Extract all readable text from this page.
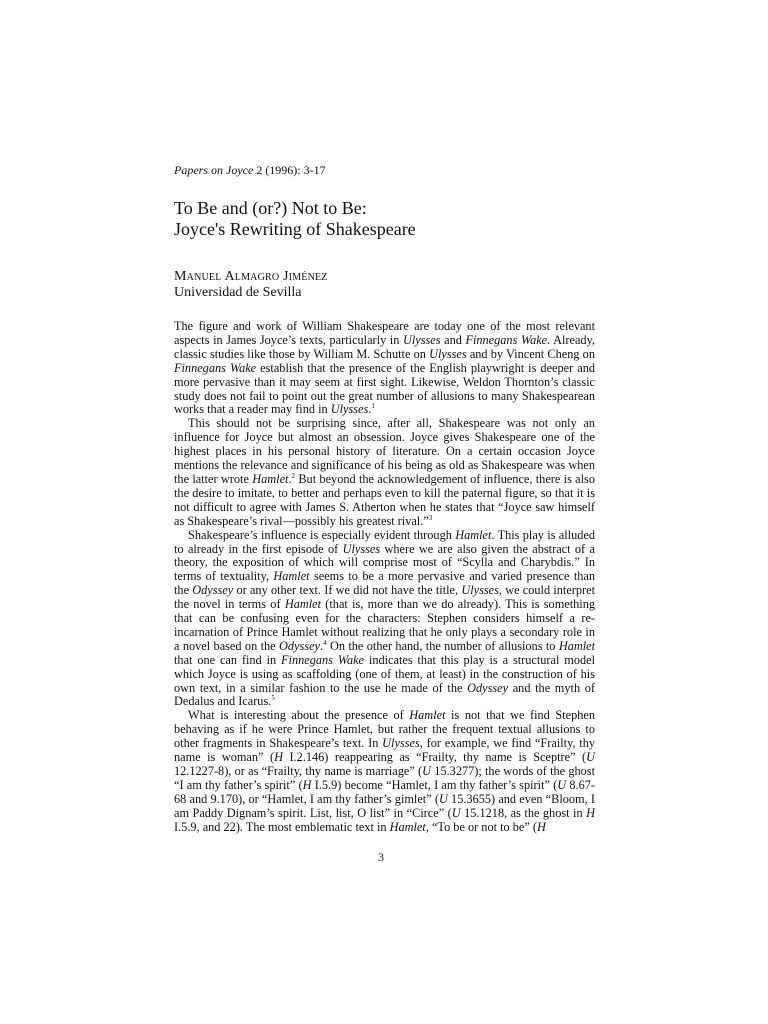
Papers on Joyce 2 (1996): 3-17
To Be and (or?) Not to Be:
Joyce's Rewriting of Shakespeare
Manuel Almagro Jiménez
Universidad de Sevilla

The figure and work of William Shakespeare are today one of the most relevant aspects in James Joyce’s texts, particularly in Ulysses and Finnegans Wake. Already, classic studies like those by William M. Schutte on Ulysses and by Vincent Cheng on Finnegans Wake establish that the presence of the English playwright is deeper and more pervasive than it may seem at first sight. Likewise, Weldon Thornton’s classic study does not fail to point out the great number of allusions to many Shakespearean works that a reader may find in Ulysses.$^1$

This should not be surprising since, after all, Shakespeare was not only an influence for Joyce but almost an obsession. Joyce gives Shakespeare one of the highest places in his personal history of literature. On a certain occasion Joyce mentions the relevance and significance of his being as old as Shakespeare was when the latter wrote Hamlet.$^2$ But beyond the acknowledgement of influence, there is also the desire to imitate, to better and perhaps even to kill the paternal figure, so that it is not difficult to agree with James S. Atherton when he states that “Joyce saw himself as Shakespeare’s rival—possibly his greatest rival.”$^3$

Shakespeare’s influence is especially evident through Hamlet. This play is alluded to already in the first episode of Ulysses where we are also given the abstract of a theory, the exposition of which will comprise most of “Scylla and Charybdis.” In terms of textuality, Hamlet seems to be a more pervasive and varied presence than the Odyssey or any other text. If we did not have the title, Ulysses, we could interpret the novel in terms of Hamlet (that is, more than we do already). This is something that can be confusing even for the characters: Stephen considers himself a re-incarnation of Prince Hamlet without realizing that he only plays a secondary role in a novel based on the Odyssey.$^4$ On the other hand, the number of allusions to Hamlet that one can find in Finnegans Wake indicates that this play is a structural model which Joyce is using as scaffolding (one of them, at least) in the construction of his own text, in a similar fashion to the use he made of the Odyssey and the myth of Dedalus and Icarus.$^5$

What is interesting about the presence of Hamlet is not that we find Stephen behaving as if he were Prince Hamlet, but rather the frequent textual allusions to other fragments in Shakespeare’s text. In Ulysses, for example, we find “Frailty, thy name is woman” (H I.2.146) reappearing as “Frailty, thy name is Sceptre” (U 12.1227-8), or as “Frailty, thy name is marriage” (U 15.3277); the words of the ghost “I am thy father’s spirit” (H I.5.9) become “Hamlet, I am thy father’s spirit” (U 8.67-68 and 9.170), or “Hamlet, I am thy father’s gimlet” (U 15.3655) and even “Bloom, I am Paddy Dignam’s spirit. List, list, O list” in “Circe” (U 15.1218, as the ghost in H I.5.9, and 22). The most emblematic text in Hamlet, “To be or not to be” (H

3
